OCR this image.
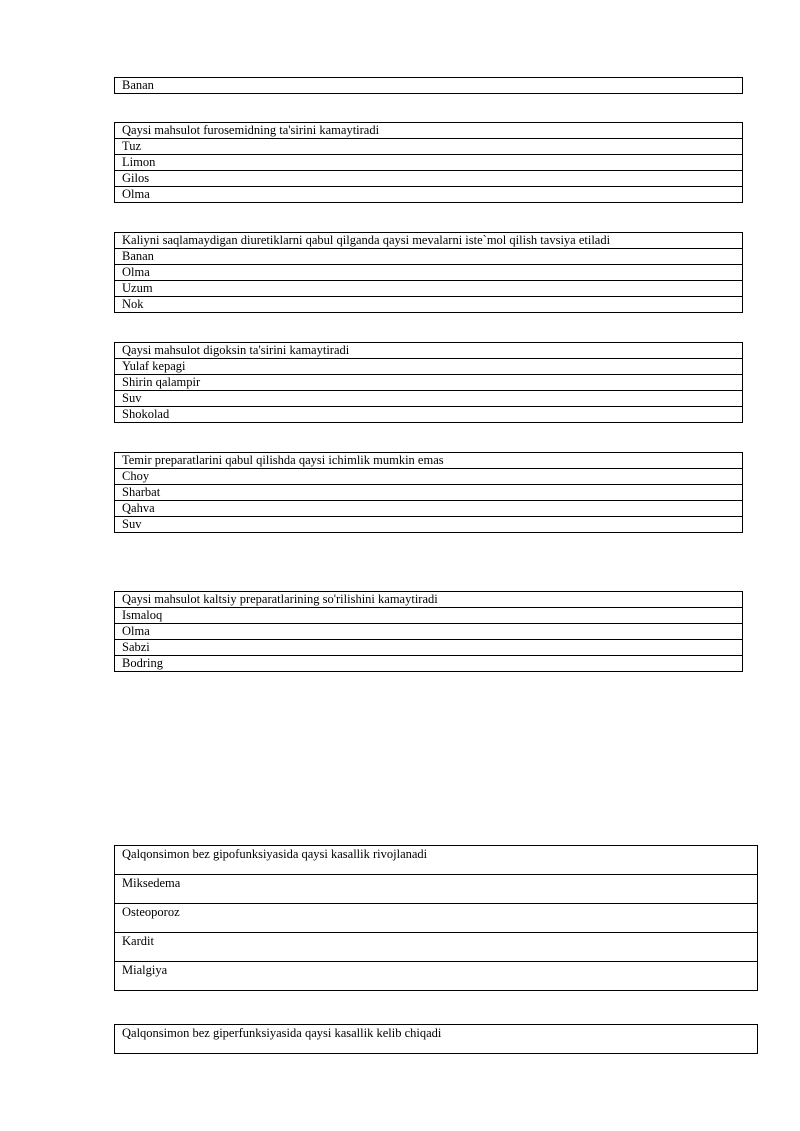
Banan
Qaysi mahsulot furosemidning ta'sirini kamaytiradi
Tuz
Limon
Gilos
Olma
Kaliyni saqlamaydigan diuretiklarni qabul qilganda qaysi mevalarni iste`mol qilish tavsiya etiladi
Banan
Olma
Uzum
Nok
Qaysi mahsulot digoksin ta'sirini kamaytiradi
Yulaf kepagi
Shirin qalampir
Suv
Shokolad
Temir preparatlarini qabul qilishda qaysi ichimlik mumkin emas
Choy
Sharbat
Qahva
Suv
Qaysi mahsulot kaltsiy preparatlarining so'rilishini kamaytiradi
Ismaloq
Olma
Sabzi
Bodring
Qalqonsimon bez gipofunksiyasida qaysi kasallik rivojlanadi
Miksedema
Osteoporoz
Kardit
Mialgiya
Qalqonsimon bez giperfunksiyasida qaysi kasallik kelib chiqadi
